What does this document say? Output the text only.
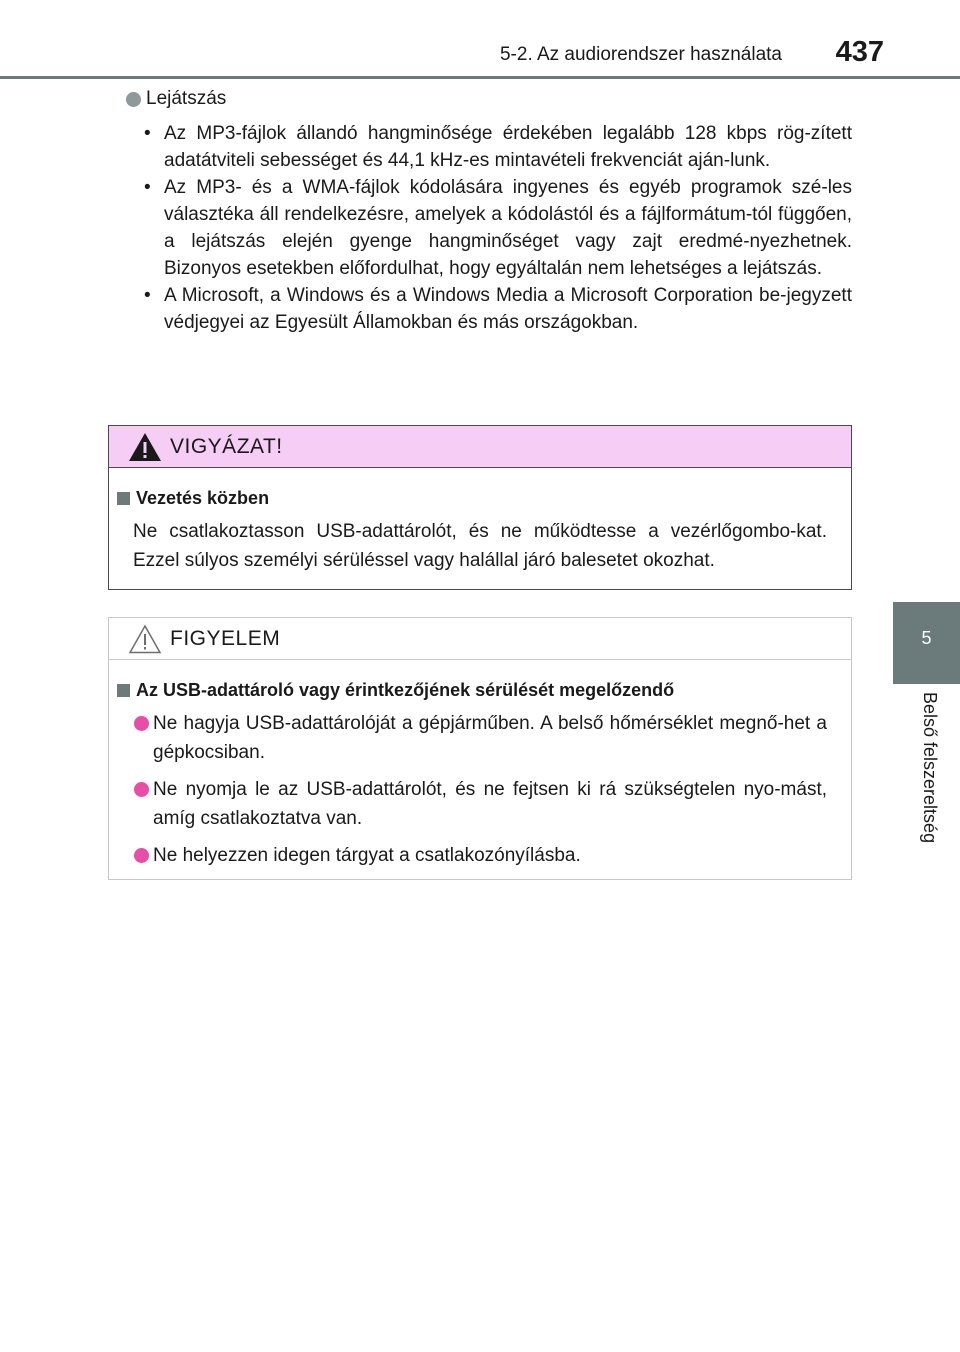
5-2. Az audiorendszer használata 437
5
Belső felszereltség
Lejátszás
• Az MP3-fájlok állandó hangminősége érdekében legalább 128 kbps rög-zített adatátviteli sebességet és 44,1 kHz-es mintavételi frekvenciát aján-lunk.
• Az MP3- és a WMA-fájlok kódolására ingyenes és egyéb programok szé-les választéka áll rendelkezésre, amelyek a kódolástól és a fájlformátum-tól függően, a lejátszás elején gyenge hangminőséget vagy zajt eredmé-nyezhetnek. Bizonyos esetekben előfordulhat, hogy egyáltalán nem lehetséges a lejátszás.
• A Microsoft, a Windows és a Windows Media a Microsoft Corporation be-jegyzett védjegyei az Egyesült Államokban és más országokban.
VIGYÁZAT!
Vezetés közben
Ne csatlakoztasson USB-adattárolót, és ne működtesse a vezérlőgombo-kat. Ezzel súlyos személyi sérüléssel vagy halállal járó balesetet okozhat.
FIGYELEM
Az USB-adattároló vagy érintkezőjének sérülését megelőzendő
Ne hagyja USB-adattárolóját a gépjárműben. A belső hőmérséklet megnő-het a gépkocsiban.
Ne nyomja le az USB-adattárolót, és ne fejtsen ki rá szükségtelen nyo-mást, amíg csatlakoztatva van.
Ne helyezzen idegen tárgyat a csatlakozónyílásba.
